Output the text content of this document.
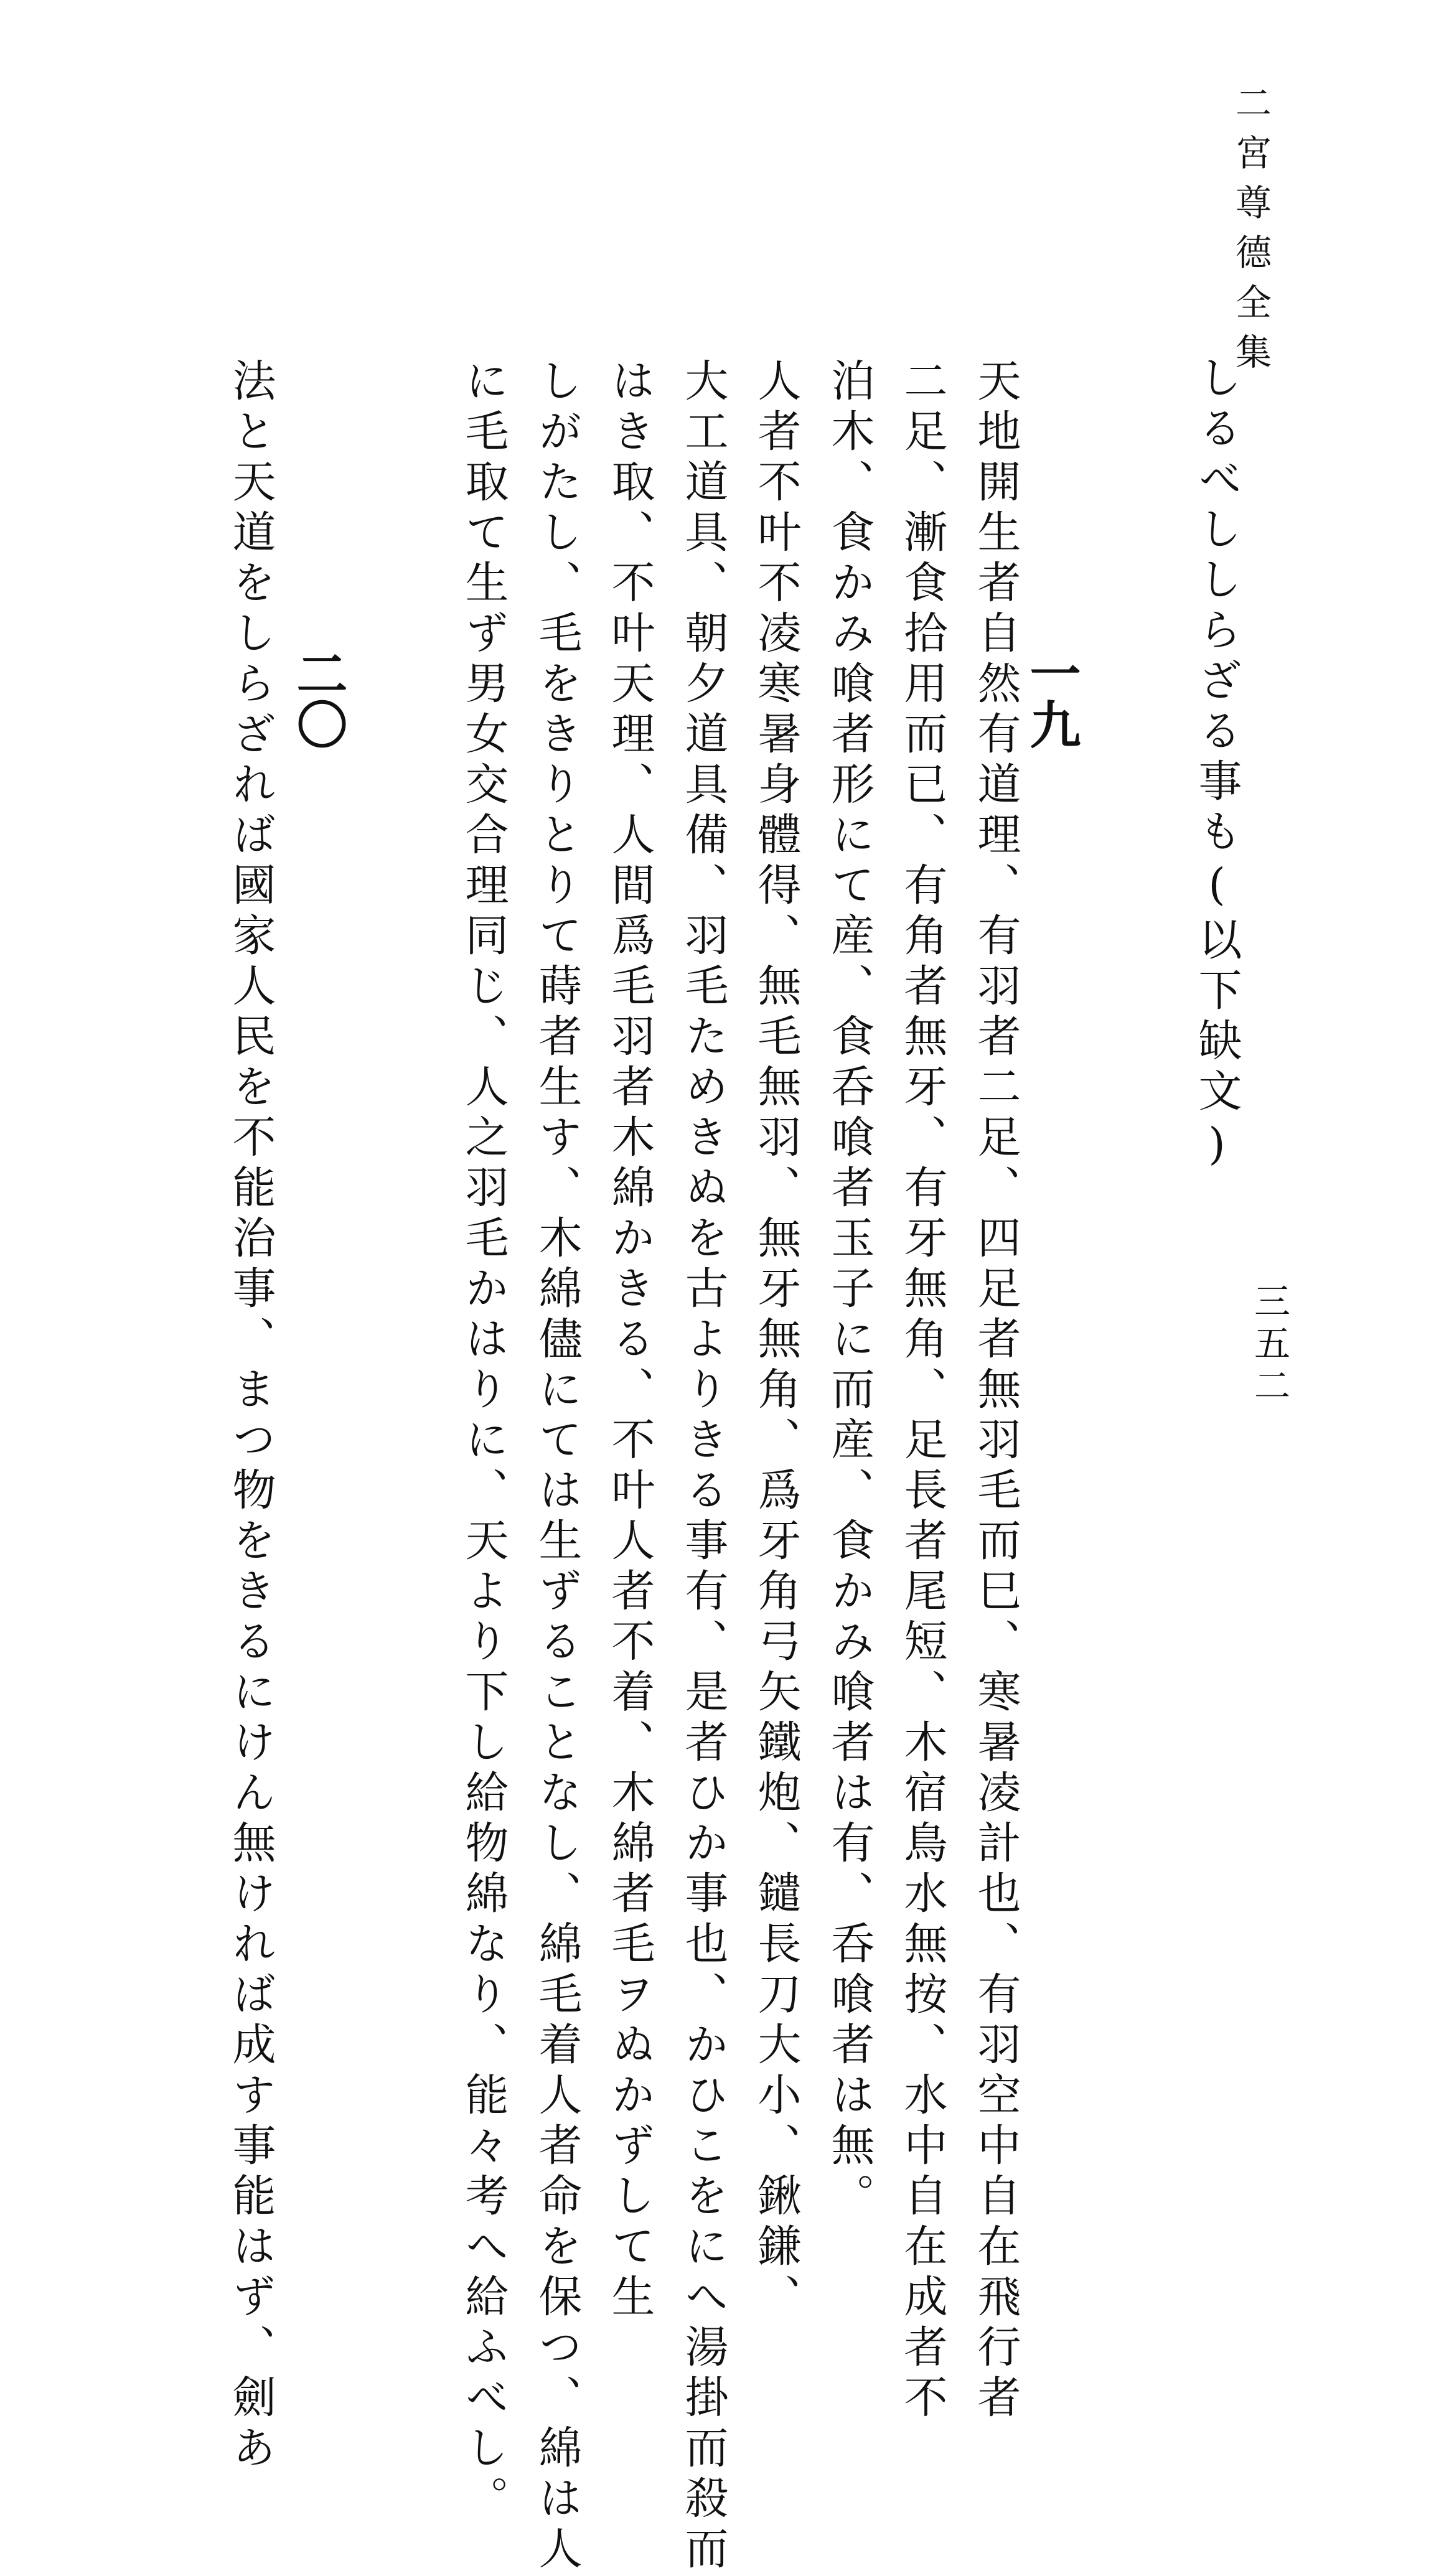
二宮尊德全集
三五二
しるべししらざる事も(以下缺文)
一九
天地開生者自然有道理、有羽者二足、四足者無羽毛而巳、寒暑凌計也、有羽空中自在飛行者
二足、漸食拾用而已、有角者無牙、有牙無角、足長者尾短、木宿鳥水無按、水中自在成者不
泊木、食かみ喰者形にて産、食呑喰者玉子に而産、食かみ喰者は有、呑喰者は無。
人者不叶不凌寒暑身體得、無毛無羽、無牙無角、爲牙角弓矢鐵炮、鑓長刀大小、鍬鎌、
大工道具、朝夕道具備、羽毛ためきぬを古よりきる事有、是者ひか事也、かひこをにへ湯掛而殺而
はき取、不叶天理、人間爲毛羽者木綿かきる、不叶人者不着、木綿者毛ヲぬかずして生
しがたし、毛をきりとりて蒔者生す、木綿儘にては生ずることなし、綿毛着人者命を保つ、綿は人
に毛取て生ず男女交合理同じ、人之羽毛かはりに、天より下し給物綿なり、能々考へ給ふべし。
二〇
法と天道をしらざれば國家人民を不能治事、まつ物をきるにけん無ければ成す事能はず、劍あ
